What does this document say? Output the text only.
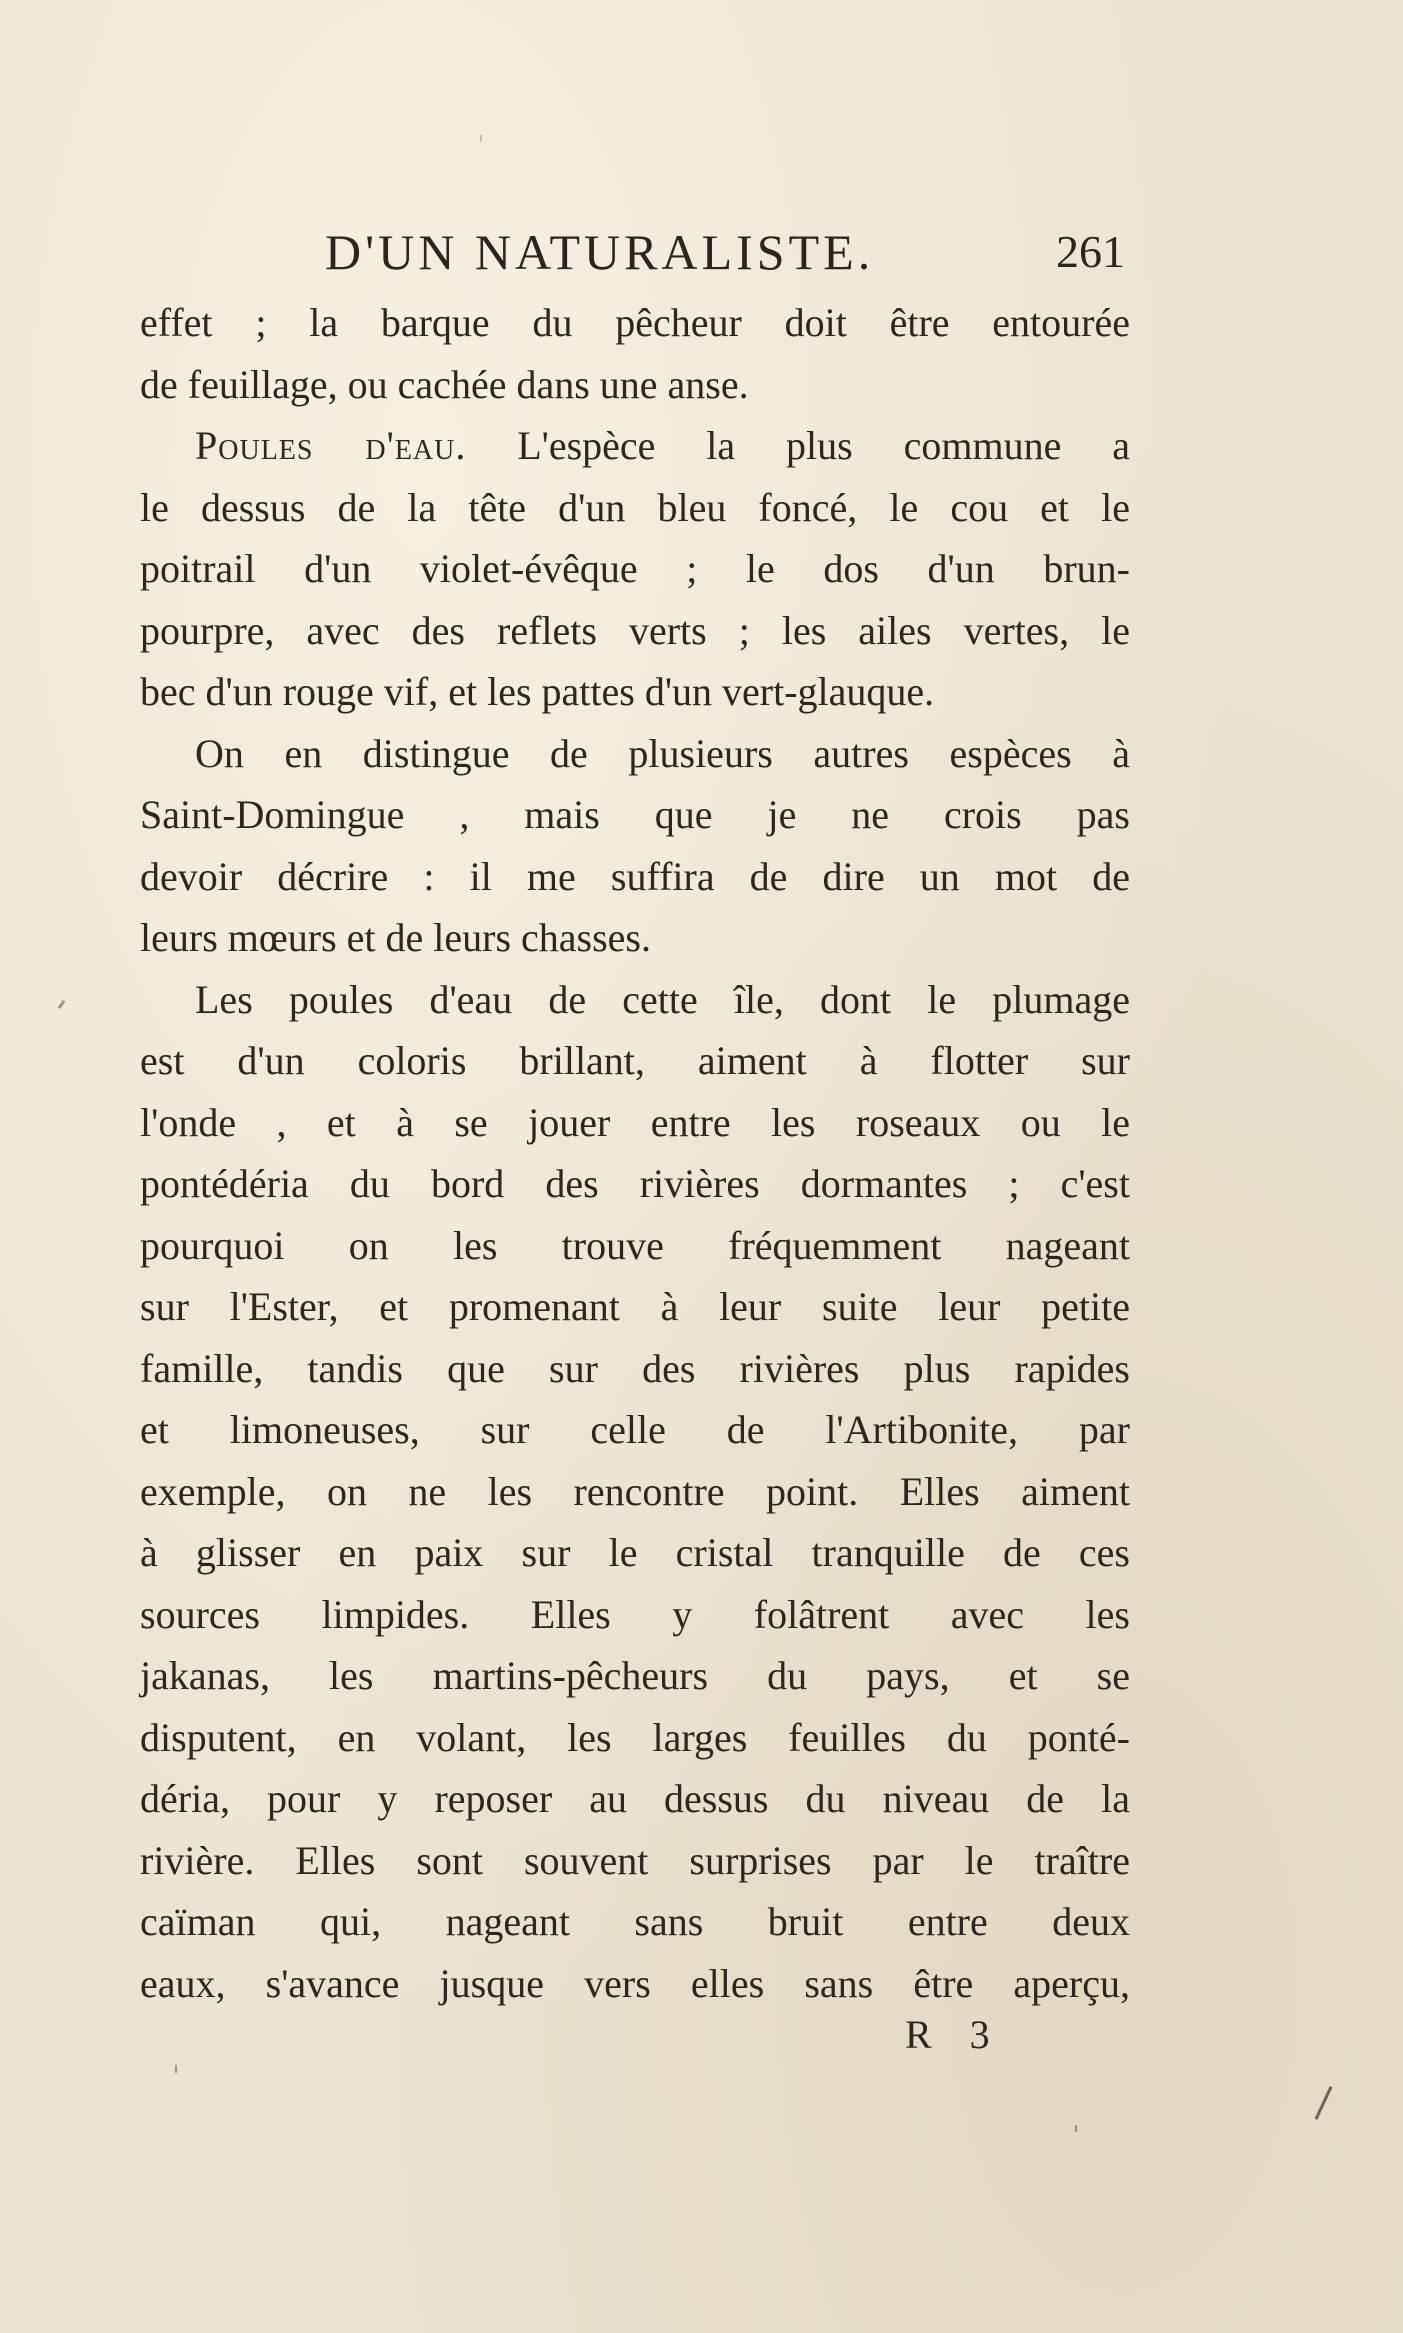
D'UN NATURALISTE.	261
effet ; la barque du pêcheur doit être entourée
de feuillage, ou cachée dans une anse.
Poules d'eau. L'espèce la plus commune a
le dessus de la tête d'un bleu foncé, le cou et le
poitrail d'un violet-évêque ; le dos d'un brun-
pourpre, avec des reflets verts ; les ailes vertes, le
bec d'un rouge vif, et les pattes d'un vert-glauque.
On en distingue de plusieurs autres espèces à
Saint-Domingue , mais que je ne crois pas
devoir décrire : il me suffira de dire un mot de
leurs mœurs et de leurs chasses.
Les poules d'eau de cette île, dont le plumage
est d'un coloris brillant, aiment à flotter sur
l'onde , et à se jouer entre les roseaux ou le
pontédéria du bord des rivières dormantes ; c'est
pourquoi on les trouve fréquemment nageant
sur l'Ester, et promenant à leur suite leur petite
famille, tandis que sur des rivières plus rapides
et limoneuses, sur celle de l'Artibonite, par
exemple, on ne les rencontre point. Elles aiment
à glisser en paix sur le cristal tranquille de ces
sources limpides. Elles y folâtrent avec les
jakanas, les martins-pêcheurs du pays, et se
disputent, en volant, les larges feuilles du ponté-
déria, pour y reposer au dessus du niveau de la
rivière. Elles sont souvent surprises par le traître
caïman qui, nageant sans bruit entre deux
eaux, s'avance jusque vers elles sans être aperçu,
R 3
